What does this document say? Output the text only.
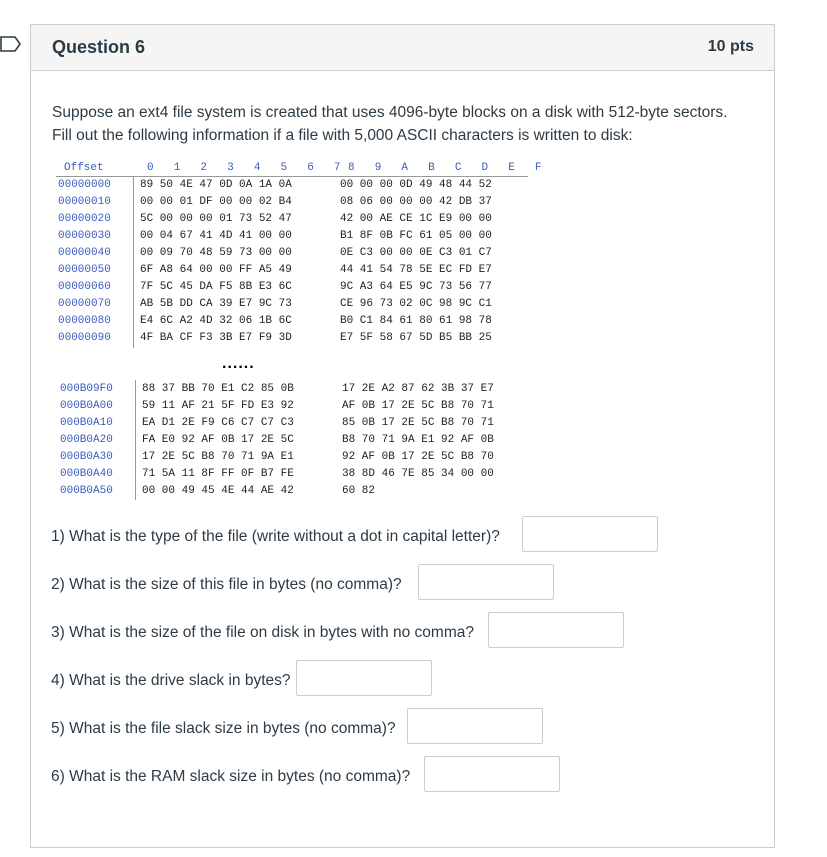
Question 6	10 pts
Suppose an ext4 file system is created that uses 4096-byte blocks on a disk with 512-byte sectors.
Fill out the following information if a file with 5,000 ASCII characters is written to disk:
Offset	0  1  2  3  4  5  6  7 8  9  A  B  C  D  E  F
00000000
00000010
00000020
00000030
00000040
00000050
00000060
00000070
00000080
00000090
89 50 4E 47 0D 0A 1A 0A
00 00 01 DF 00 00 02 B4
5C 00 00 00 01 73 52 47
00 04 67 41 4D 41 00 00
00 09 70 48 59 73 00 00
6F A8 64 00 00 FF A5 49
7F 5C 45 DA F5 8B E3 6C
AB 5B DD CA 39 E7 9C 73
E4 6C A2 4D 32 06 1B 6C
4F BA CF F3 3B E7 F9 3D
00 00 00 0D 49 48 44 52
08 06 00 00 00 42 DB 37
42 00 AE CE 1C E9 00 00
B1 8F 0B FC 61 05 00 00
0E C3 00 00 0E C3 01 C7
44 41 54 78 5E EC FD E7
9C A3 64 E5 9C 73 56 77
CE 96 73 02 0C 98 9C C1
B0 C1 84 61 80 61 98 78
E7 5F 58 67 5D B5 BB 25
......
000B09F0
000B0A00
000B0A10
000B0A20
000B0A30
000B0A40
000B0A50
88 37 BB 70 E1 C2 85 0B
59 11 AF 21 5F FD E3 92
EA D1 2E F9 C6 C7 C7 C3
FA E0 92 AF 0B 17 2E 5C
17 2E 5C B8 70 71 9A E1
71 5A 11 8F FF 0F B7 FE
00 00 49 45 4E 44 AE 42
17 2E A2 87 62 3B 37 E7
AF 0B 17 2E 5C B8 70 71
85 0B 17 2E 5C B8 70 71
B8 70 71 9A E1 92 AF 0B
92 AF 0B 17 2E 5C B8 70
38 8D 46 7E 85 34 00 00
60 82
1) What is the type of the file (write without a dot in capital letter)?
2) What is the size of this file in bytes (no comma)?
3) What is the size of the file on disk in bytes with no comma?
4) What is the drive slack in bytes?
5) What is the file slack size in bytes (no comma)?
6) What is the RAM slack size in bytes (no comma)?
